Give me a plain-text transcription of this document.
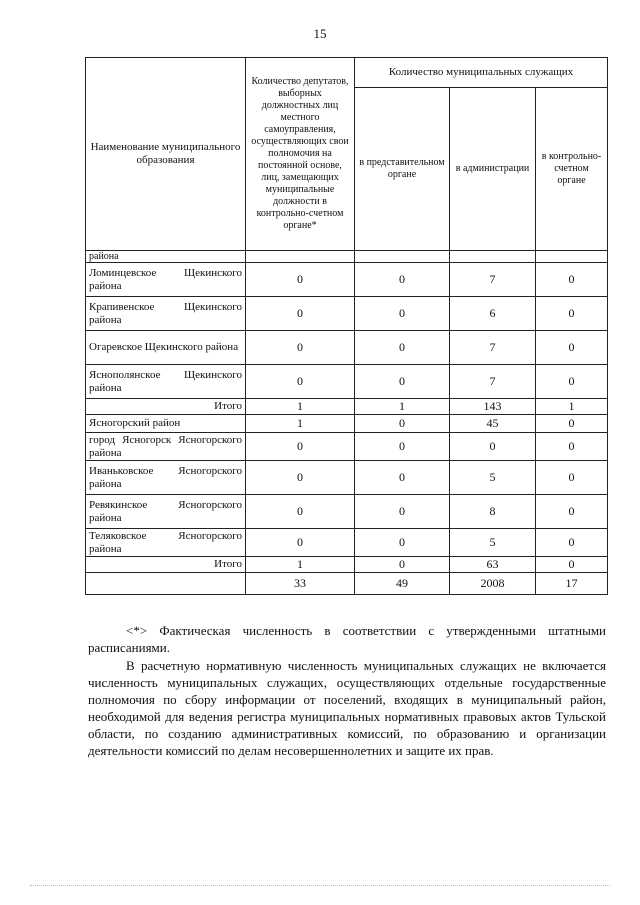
15
Наименование муниципального образования	Количество депутатов, выборных должностных лиц местного самоуправления, осуществляющих свои полномочия на постоянной основе, лиц, замещающих муниципальные должности в контрольно-счетном органе*	Количество муниципальных служащих		
		в представительном органе	в администрации	в контрольно-счетном органе
района				
Ломинцевское Щекинского района	0	0	7	0
Крапивенское Щекинского района	0	0	6	0
Огаревское Щекинского района	0	0	7	0
Яснополянское Щекинского района	0	0	7	0
Итого	1	1	143	1
Ясногорский район	1	0	45	0
город Ясногорск Ясногорского района	0	0	0	0
Иваньковское Ясногорского района	0	0	5	0
Ревякинское Ясногорского района	0	0	8	0
Теляковское Ясногорского района	0	0	5	0
Итого	1	0	63	0
	33	49	2008	17
<*> Фактическая численность в соответствии с утвержденными штатными расписаниями.
В расчетную нормативную численность муниципальных служащих не включается численность муниципальных служащих, осуществляющих отдельные государственные полномочия по сбору информации от поселений, входящих в муниципальный район, необходимой для ведения регистра муниципальных нормативных правовых актов Тульской области, по созданию административных комиссий, по образованию и организации деятельности комиссий по делам несовершеннолетних и защите их прав.
